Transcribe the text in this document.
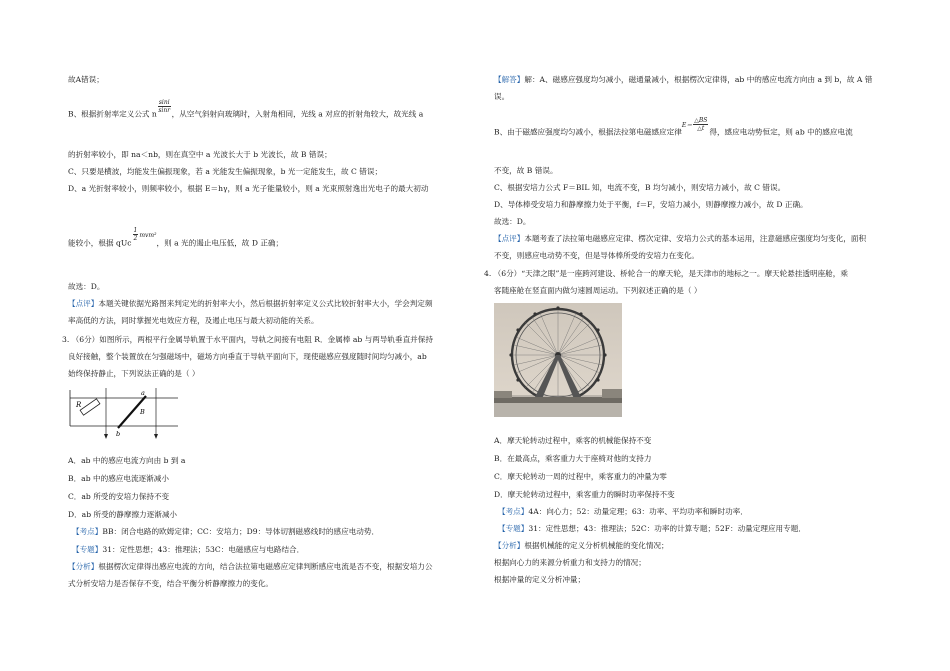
故A错误；
B、根据折射率定义公式 n $\frac{\sin i}{\sin r}$ ，从空气斜射向玻璃时，入射角相同，光线 a 对应的折射角较大，故光线 a
的折射率较小，即 na＜nb，则在真空中 a 光波长大于 b 光波长，故 B 错误；
C、只要是横波，均能发生偏振现象，若 a 光能发生偏振现象，b 光一定能发生，故 C 错误；
D、a 光折射率较小，则频率较小，根据 E＝hγ，则 a 光子能量较小，则 a 光束照射逸出光电子的最大初动
能较小，根据 qUc
$\frac{1}{2} ^{mvm^2}$，则 a 光的遏止电压低，故 D 正确；
故选：D。
【点评】本题关键依据光路图来判定光的折射率大小，然后根据折射率定义公式比较折射率大小，学会判定频
率高低的方法，同时掌握光电效应方程，及遏止电压与最大初动能的关系。
3. （6分）如图所示，两根平行金属导轨置于水平面内，导轨之间接有电阻 R．金属棒 ab 与两导轨垂直并保持
良好接触，整个装置放在匀强磁场中，磁场方向垂直于导轨平面向下，现使磁感应强度随时间均匀减小，ab
始终保持静止，下列说法正确的是（ ）
R
a
b
B
A．ab 中的感应电流方向由 b 到 a
B．ab 中的感应电流逐渐减小
C．ab 所受的安培力保持不变
D．ab 所受的静摩擦力逐渐减小
【考点】BB：闭合电路的欧姆定律；CC：安培力；D9：导体切割磁感线时的感应电动势．
【专题】31：定性思想；43：推理法；53C：电磁感应与电路结合．
【分析】根据楞次定律得出感应电流的方向，结合法拉第电磁感应定律判断感应电流是否不变，根据安培力公
式分析安培力是否保存不变，结合平衡分析静摩擦力的变化。
【解答】解：A、磁感应强度均匀减小，磁通量减小，根据楞次定律得，ab 中的感应电流方向由 a 到 b，故 A 错
误。
B、由于磁感应强度均匀减小，根据法拉第电磁感应定律$^{E=} \frac{\triangle BS}{\triangle t}$ 得，感应电动势恒定，则 ab 中的感应电流
不变，故 B 错误。
C、根据安培力公式 F＝BIL 知，电流不变，B 均匀减小，则安培力减小，故 C 错误。
D、导体棒受安培力和静摩擦力处于平衡，f＝F，安培力减小，则静摩擦力减小，故 D 正确。
故选：D。
【点评】本题考查了法拉第电磁感应定律、楞次定律、安培力公式的基本运用，注意磁感应强度均匀变化，面积
不变，则感应电动势不变，但是导体棒所受的安培力在变化。
4. （6分）“天津之眼”是一座跨河建设、桥轮合一的摩天轮，是天津市的地标之一。摩天轮悬挂透明座舱，乘
客随座舱在竖直面内做匀速圆周运动。下列叙述正确的是（ ）
A．摩天轮转动过程中，乘客的机械能保持不变
B．在最高点，乘客重力大于座椅对他的支持力
C．摩天轮转动一周的过程中，乘客重力的冲量为零
D．摩天轮转动过程中，乘客重力的瞬时功率保持不变
【考点】4A：向心力；52：动量定理；63：功率、平均功率和瞬时功率．
【专题】31：定性思想；43：推理法；52C：功率的计算专题；52F：动量定理应用专题．
【分析】根据机械能的定义分析机械能的变化情况；
根据向心力的来源分析重力和支持力的情况；
根据冲量的定义分析冲量；
